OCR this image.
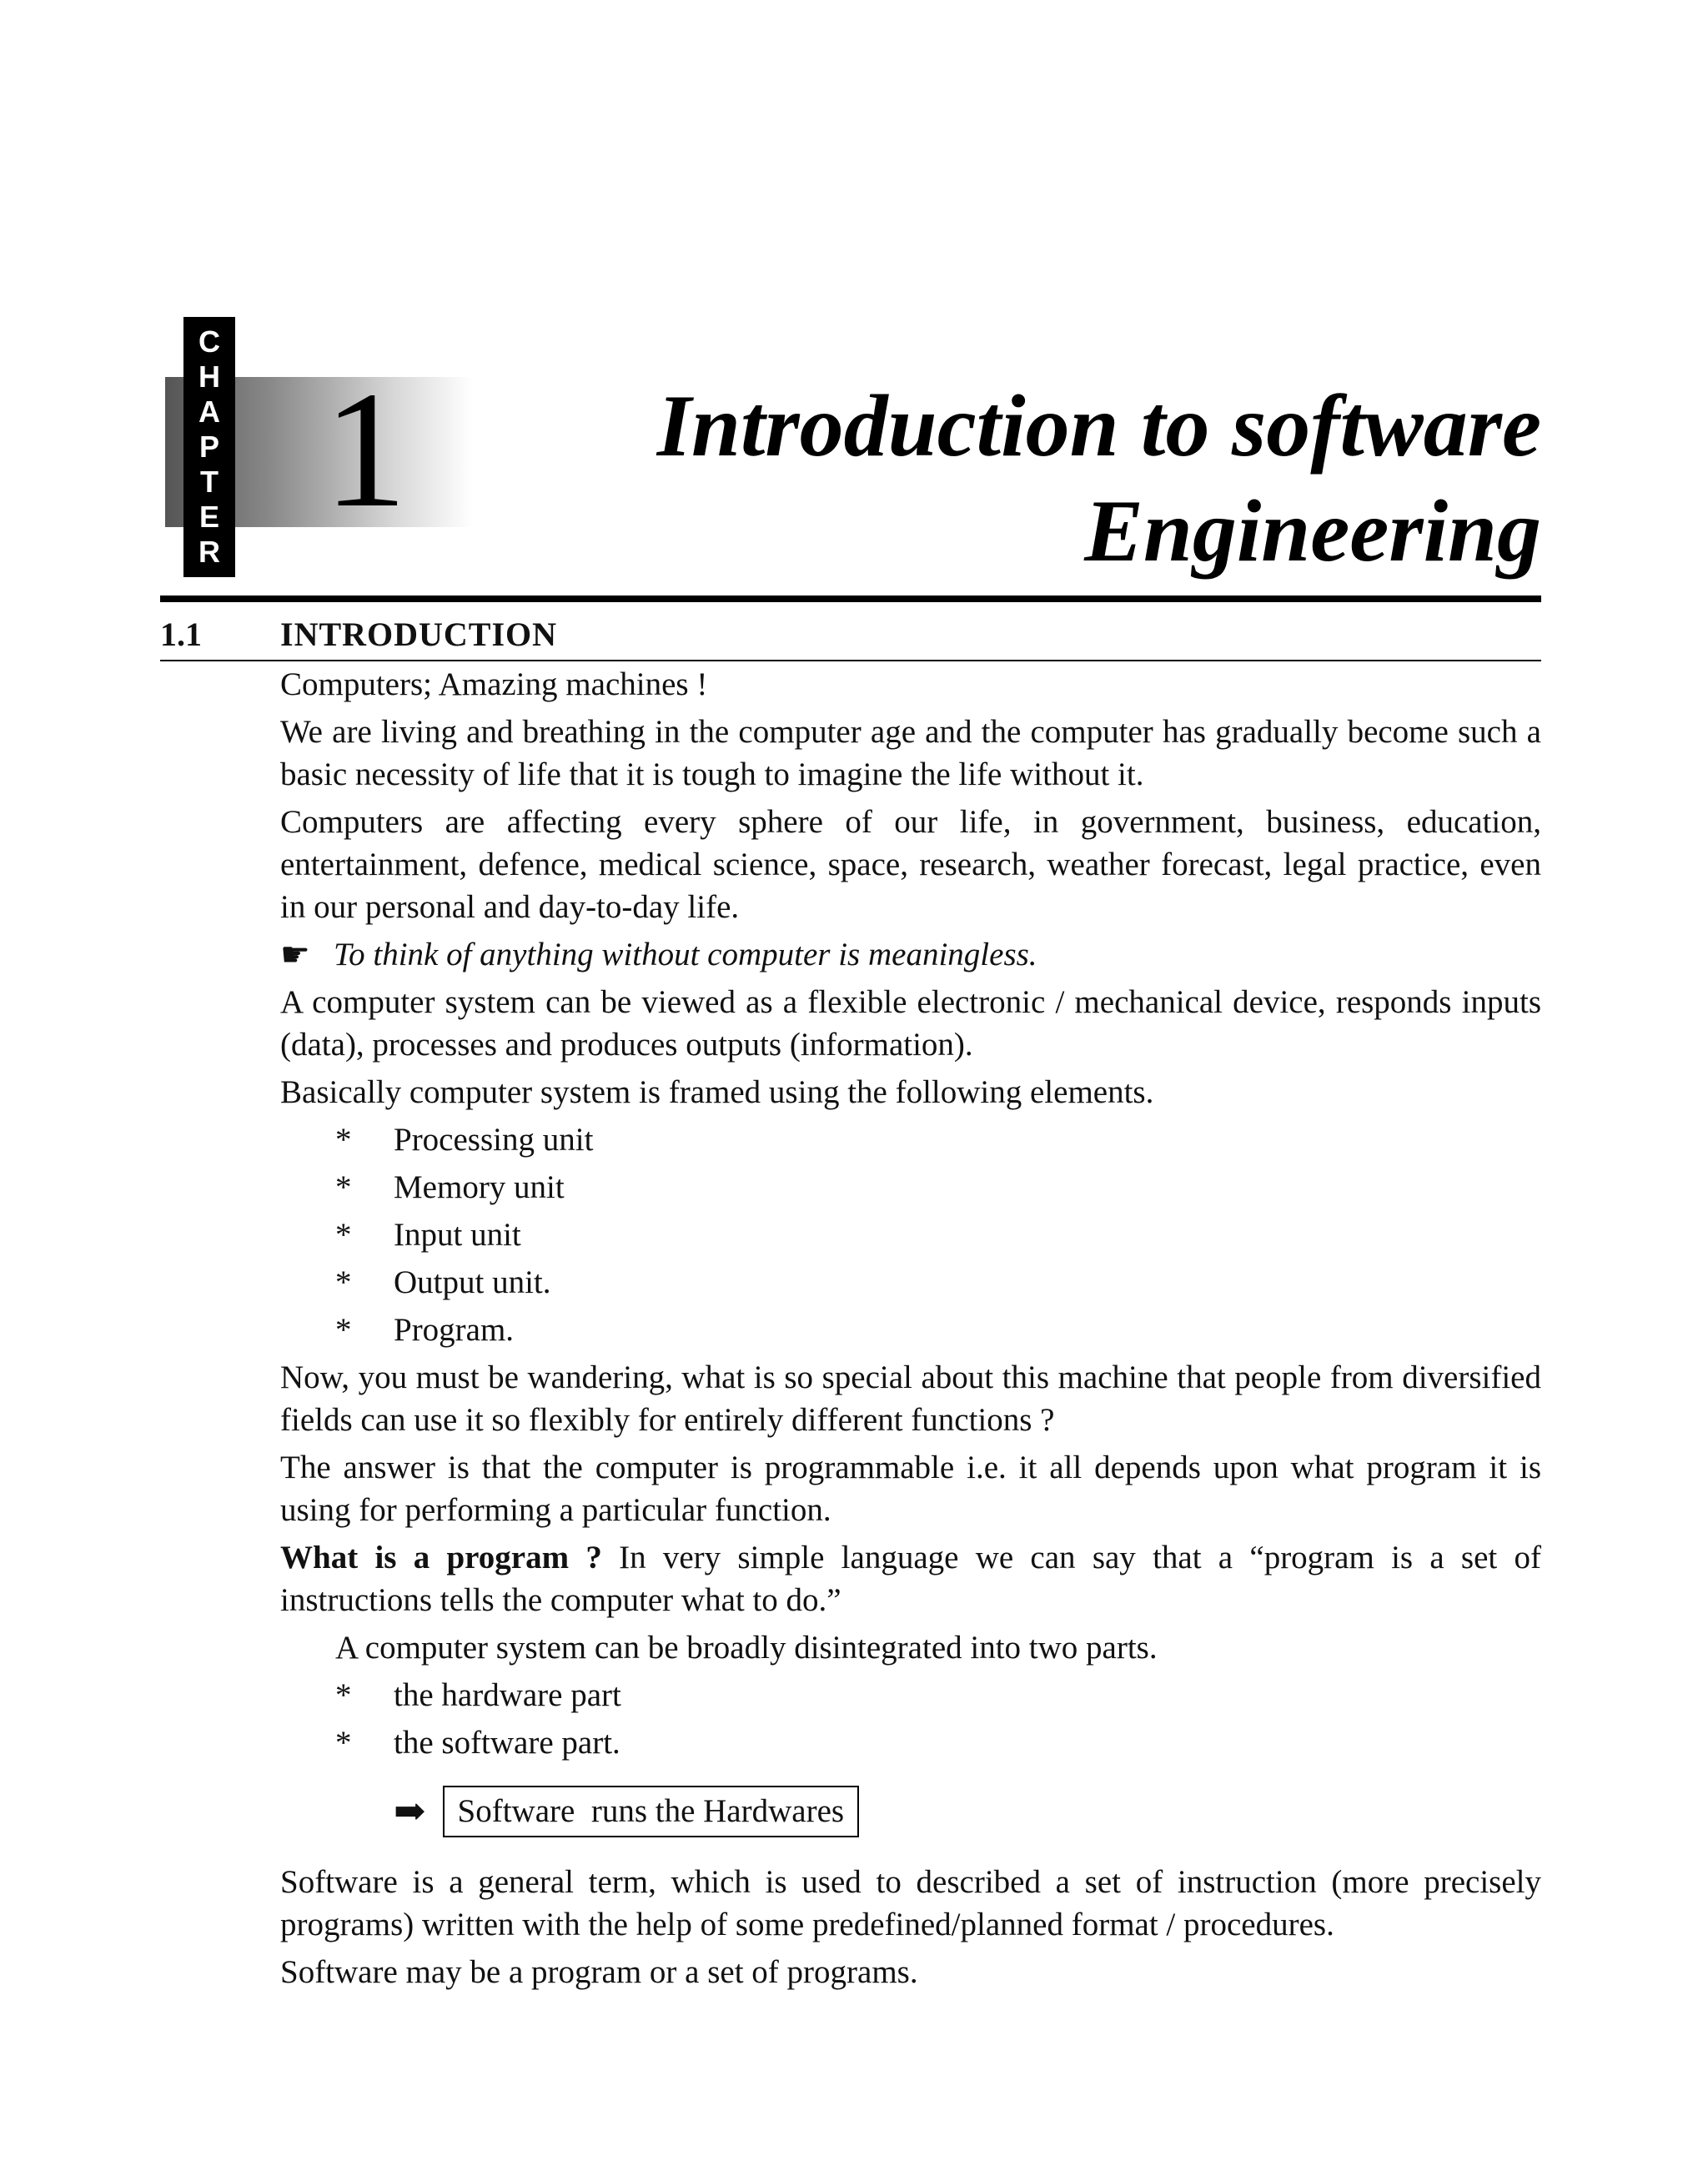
C
H
A
P
T
E
R
1	Introduction to software
Engineering
1.1 INTRODUCTION

Computers; Amazing machines !

We are living and breathing in the computer age and the computer has gradually become such a basic necessity of life that it is tough to imagine the life without it.

Computers are affecting every sphere of our life, in government, business, education, entertainment, defence, medical science, space, research, weather forecast, legal practice, even in our personal and day-to-day life.

☛ To think of anything without computer is meaningless.

A computer system can be viewed as a flexible electronic / mechanical device, responds inputs (data), processes and produces outputs (information).

Basically computer system is framed using the following elements.

*	Processing unit
*	Memory unit
*	Input unit
*	Output unit.
*	Program.

Now, you must be wandering, what is so special about this machine that people from diversified fields can use it so flexibly for entirely different functions ?

The answer is that the computer is programmable i.e. it all depends upon what program it is using for performing a particular function.

What is a program ? In very simple language we can say that a “program is a set of instructions tells the computer what to do.”

A computer system can be broadly disintegrated into two parts.

*	the hardware part
*	the software part.
➡ Software  runs the Hardwares

Software is a general term, which is used to described a set of instruction (more precisely programs) written with the help of some predefined/planned format / procedures.

Software may be a program or a set of programs.
